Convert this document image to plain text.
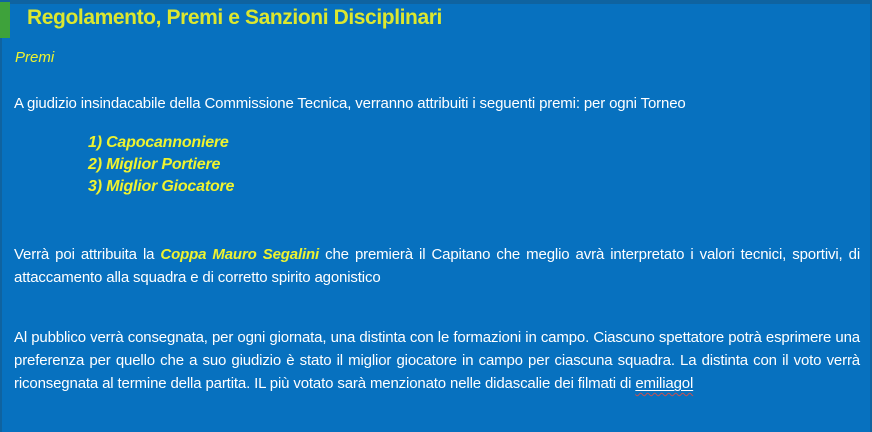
Regolamento, Premi e Sanzioni Disciplinari
Premi

A giudizio insindacabile della Commissione Tecnica, verranno attribuiti i seguenti premi: per ogni Torneo

1) Capocannoniere
2) Miglior Portiere
3) Miglior Giocatore

Verrà poi attribuita la Coppa Mauro Segalini che premierà il Capitano che meglio avrà interpretato i valori tecnici, sportivi, di attaccamento alla squadra e di corretto spirito agonistico

Al pubblico verrà consegnata, per ogni giornata, una distinta con le formazioni in campo. Ciascuno spettatore potrà esprimere una preferenza per quello che a suo giudizio è stato il miglior giocatore in campo per ciascuna squadra. La distinta con il voto verrà riconsegnata al termine della partita. IL più votato sarà menzionato nelle didascalie dei filmati di emiliagol
